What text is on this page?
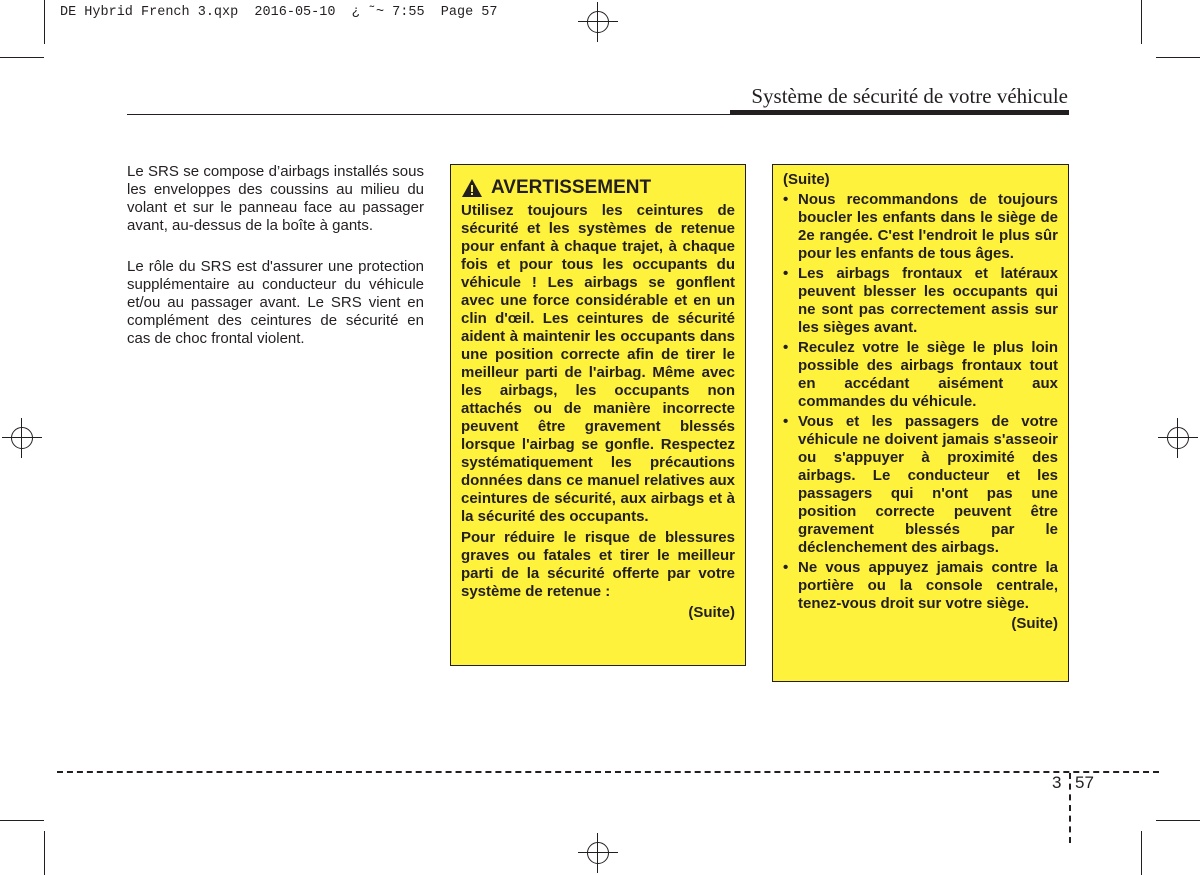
DE Hybrid French 3.qxp  2016-05-10  ¿ ˜~ 7:55  Page 57
Système de sécurité de votre véhicule

Le SRS se compose d’airbags installés sous les enveloppes des coussins au milieu du volant et sur le panneau face au passager avant, au-dessus de la boîte à gants.

Le rôle du SRS est d'assurer une protection supplémentaire au conducteur du véhicule et/ou au passager avant. Le SRS vient en complément des ceintures de sécurité en cas de choc frontal violent.

AVERTISSEMENT

Utilisez toujours les ceintures de sécurité et les systèmes de retenue pour enfant à chaque trajet, à chaque fois et pour tous les occupants du véhicule ! Les airbags se gonflent avec une force considérable et en un clin d'œil. Les ceintures de sécurité aident à maintenir les occupants dans une position correcte afin de tirer le meilleur parti de l'airbag. Même avec les airbags, les occupants non attachés ou de manière incorrecte peuvent être gravement blessés lorsque l'airbag se gonfle. Respectez systématiquement les précautions données dans ce manuel relatives aux ceintures de sécurité, aux airbags et à la sécurité des occupants.

Pour réduire le risque de blessures graves ou fatales et tirer le meilleur parti de la sécurité offerte par votre système de retenue :

(Suite)
(Suite)
• Nous recommandons de toujours boucler les enfants dans le siège de 2e rangée. C'est l'endroit le plus sûr pour les enfants de tous âges.
• Les airbags frontaux et latéraux peuvent blesser les occupants qui ne sont pas correctement assis sur les sièges avant.
• Reculez votre le siège le plus loin possible des airbags frontaux tout en accédant aisément aux commandes du véhicule.
• Vous et les passagers de votre véhicule ne doivent jamais s'asseoir ou s'appuyer à proximité des airbags. Le conducteur et les passagers qui n'ont pas une position correcte peuvent être gravement blessés par le déclenchement des airbags.
• Ne vous appuyez jamais contre la portière ou la console centrale, tenez-vous droit sur votre siège.
(Suite)
3 57
